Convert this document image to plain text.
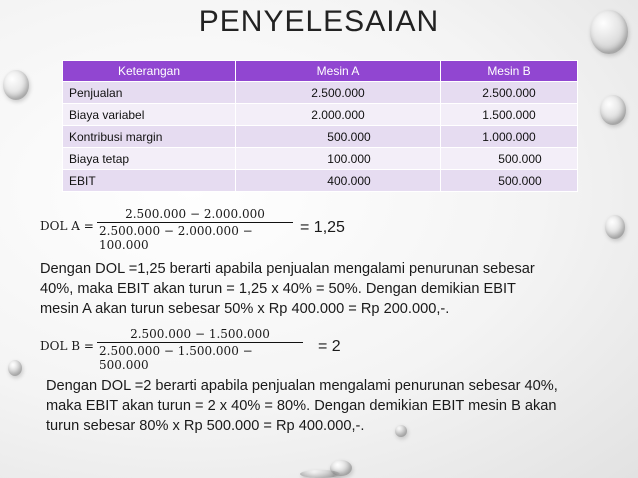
PENYELESAIAN
Keterangan	Mesin A	Mesin B
Penjualan	2.500.000	2.500.000
Biaya variabel	2.000.000	1.500.000
Kontribusi margin	500.000	1.000.000
Biaya tetap	100.000	500.000
EBIT	400.000	500.000
DOL A =
2.500.000 − 2.000.000
2.500.000 − 2.000.000 − 100.000
= 1,25
Dengan DOL =1,25 berarti apabila penjualan mengalami penurunan sebesar
40%, maka EBIT akan turun = 1,25 x 40% = 50%. Dengan demikian EBIT
mesin A akan turun sebesar 50% x Rp 400.000 = Rp 200.000,-.
DOL B =
2.500.000 − 1.500.000
2.500.000 − 1.500.000 − 500.000
= 2
Dengan DOL =2 berarti apabila penjualan mengalami penurunan sebesar 40%,
maka EBIT akan turun = 2 x 40% = 80%. Dengan demikian EBIT mesin B akan
turun sebesar 80% x Rp 500.000 = Rp 400.000,-.
